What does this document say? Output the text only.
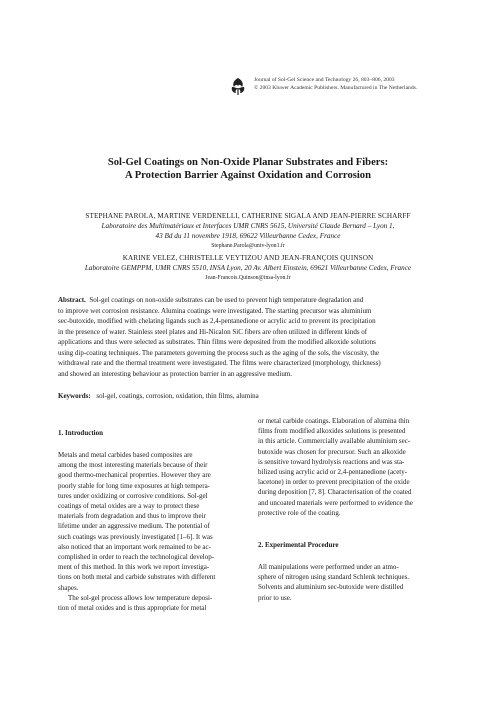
Journal of Sol-Gel Science and Technology 26, 803–806, 2003
© 2003 Kluwer Academic Publishers. Manufactured in The Netherlands.
Sol-Gel Coatings on Non-Oxide Planar Substrates and Fibers:
A Protection Barrier Against Oxidation and Corrosion
STEPHANE PAROLA, MARTINE VERDENELLI, CATHERINE SIGALA AND JEAN-PIERRE SCHARFF
Laboratoire des Multimatériaux et Interfaces UMR CNRS 5615, Université Claude Bernard – Lyon 1,
43 Bd du 11 novembre 1918, 69622 Villeurbanne Cedex, France
Stephane.Parola@univ-lyon1.fr
KARINE VELEZ, CHRISTELLE VEYTIZOU AND JEAN-FRANÇOIS QUINSON
Laboratoire GEMPPM, UMR CNRS 5510, INSA Lyon, 20 Av. Albert Einstein, 69621 Villeurbanne Cedex, France
Jean-Francois.Quinson@insa-lyon.fr
Abstract. Sol-gel coatings on non-oxide substrates can be used to prevent high temperature degradation and
to improve wet corrosion resistance. Alumina coatings were investigated. The starting precursor was aluminium
sec-butoxide, modified with chelating ligands such as 2,4-pentanedione or acrylic acid to prevent its precipitation
in the presence of water. Stainless steel plates and Hi-Nicalon SiC fibers are often utilized in different kinds of
applications and thus were selected as substrates. Thin films were deposited from the modified alkoxide solutions
using dip-coating techniques. The parameters governing the process such as the aging of the sols, the viscosity, the
withdrawal rate and the thermal treatment were investigated. The films were characterized (morphology, thickness)
and showed an interesting behaviour as protection barrier in an aggressive medium.
Keywords: sol-gel, coatings, corrosion, oxidation, thin films, alumina
1. Introduction
Metals and metal carbides based composites are
among the most interesting materials because of their
good thermo-mechanical properties. However they are
poorly stable for long time exposures at high tempera-
tures under oxidizing or corrosive conditions. Sol-gel
coatings of metal oxides are a way to protect these
materials from degradation and thus to improve their
lifetime under an aggressive medium. The potential of
such coatings was previously investigated [1–6]. It was
also noticed that an important work remained to be ac-
complished in order to reach the technological develop-
ment of this method. In this work we report investiga-
tions on both metal and carbide substrates with different
shapes.
The sol-gel process allows low temperature deposi-
tion of metal oxides and is thus appropriate for metal
or metal carbide coatings. Elaboration of alumina thin
films from modified alkoxides solutions is presented
in this article. Commercially available aluminium sec-
butoxide was chosen for precursor. Such an alkoxide
is sensitive toward hydrolysis reactions and was sta-
bilized using acrylic acid or 2,4-pentanedione (acety-
lacetone) in order to prevent precipitation of the oxide
during deposition [7, 8]. Characterisation of the coated
and uncoated materials were performed to evidence the
protective role of the coating.
2. Experimental Procedure
All manipulations were performed under an atmo-
sphere of nitrogen using standard Schlenk techniques.
Solvents and aluminium sec-butoxide were distilled
prior to use.
